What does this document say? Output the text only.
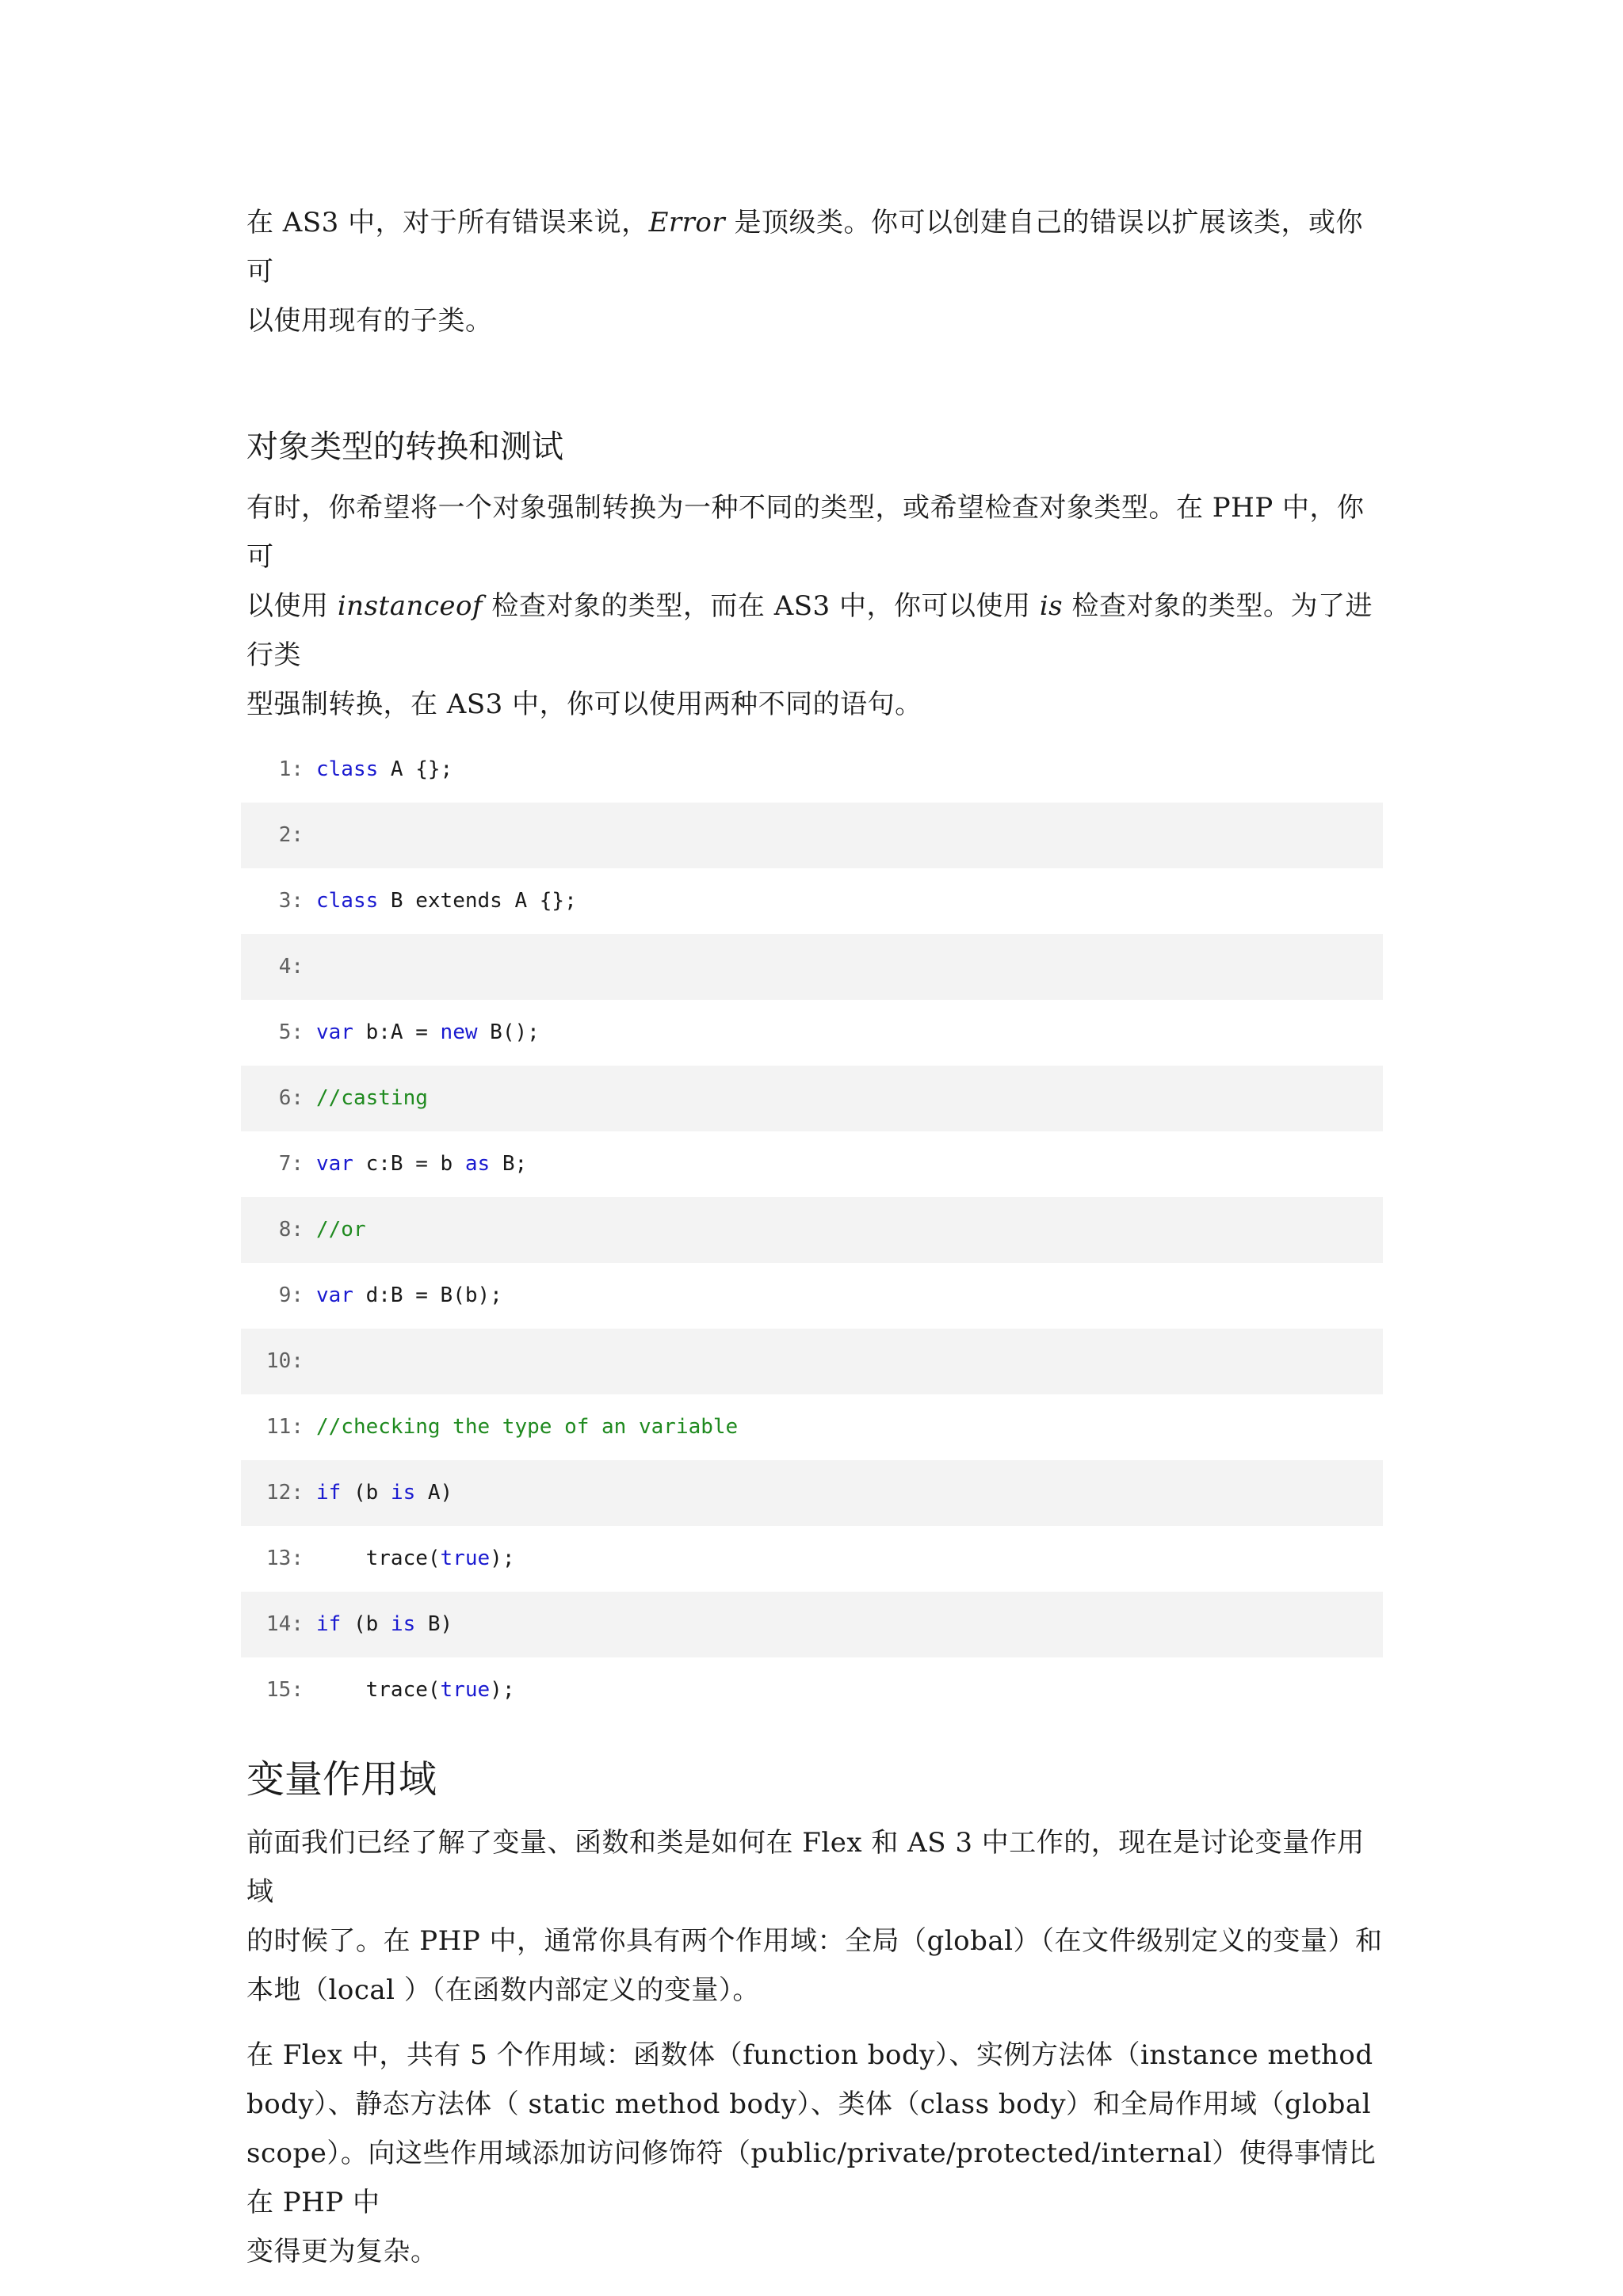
在 AS3 中，对于所有错误来说，Error 是顶级类。你可以创建自己的错误以扩展该类，或你可
以使用现有的子类。

对象类型的转换和测试

有时，你希望将一个对象强制转换为一种不同的类型，或希望检查对象类型。在 PHP 中，你可
以使用 instanceof 检查对象的类型，而在 AS3 中，你可以使用 is 检查对象的类型。为了进行类
型强制转换，在 AS3 中，你可以使用两种不同的语句。

1: class A {};
2:
3: class B extends A {};
4:
5: var b:A = new B();
6: //casting
7: var c:B = b as B;
8: //or
9: var d:B = B(b);
10:
11: //checking the type of an variable
12: if (b is A)
13: trace(true);
14: if (b is B)
15: trace(true);
变量作用域

前面我们已经了解了变量、函数和类是如何在 Flex 和 AS 3 中工作的，现在是讨论变量作用域
的时候了。在 PHP 中，通常你具有两个作用域：全局（global）（在文件级别定义的变量）和
本地（local ）（在函数内部定义的变量）。

在 Flex 中，共有 5 个作用域：函数体（function body）、实例方法体（instance method
body）、静态方法体（ static method body）、类体（class body）和全局作用域（global
scope）。向这些作用域添加访问修饰符（public/private/protected/internal）使得事情比在 PHP 中
变得更为复杂。
